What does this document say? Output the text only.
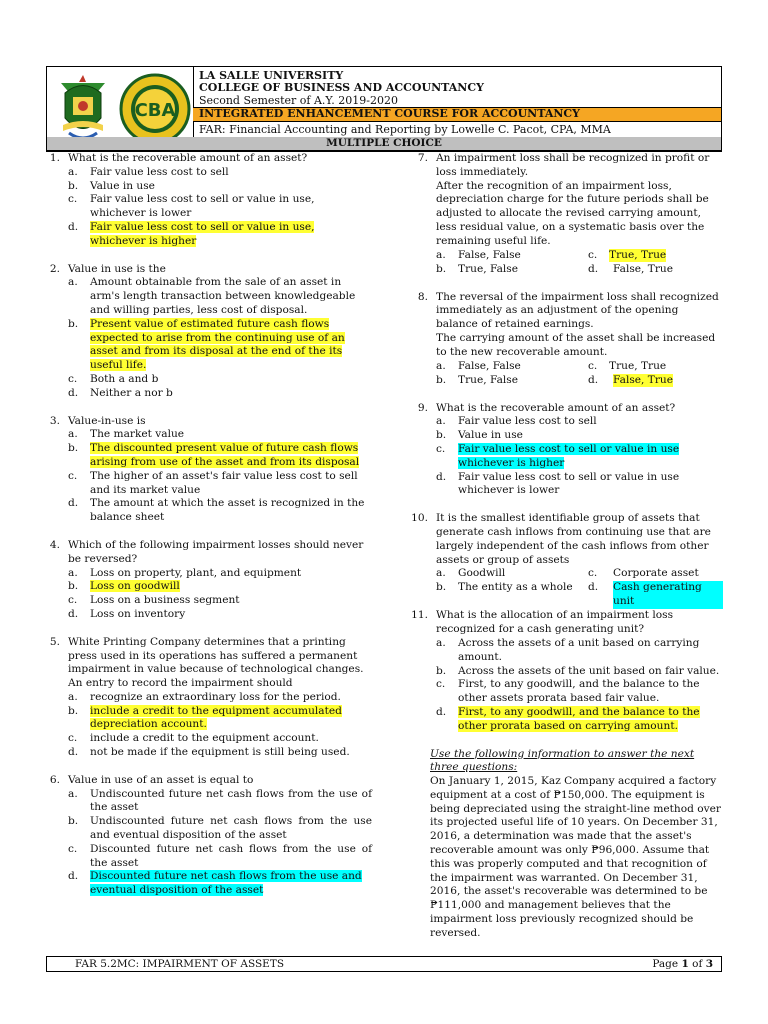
CBA
LA SALLE UNIVERSITY
COLLEGE OF BUSINESS AND ACCOUNTANCY
Second Semester of A.Y. 2019-2020
INTEGRATED ENHANCEMENT COURSE FOR ACCOUNTANCY
FAR: Financial Accounting and Reporting by Lowelle C. Pacot, CPA, MMA
MULTIPLE CHOICE
1. What is the recoverable amount of an asset?
a. Fair value less cost to sell
b. Value in use
c. Fair value less cost to sell or value in use, whichever is lower
d. Fair value less cost to sell or value in use, whichever is higher
2. Value in use is the
a. Amount obtainable from the sale of an asset in arm's length transaction between knowledgeable and willing parties, less cost of disposal.
b. Present value of estimated future cash flows expected to arise from the continuing use of an asset and from its disposal at the end of the its useful life.
c. Both a and b
d. Neither a nor b
3. Value-in-use is
a. The market value
b. The discounted present value of future cash flows arising from use of the asset and from its disposal
c. The higher of an asset's fair value less cost to sell and its market value
d. The amount at which the asset is recognized in the balance sheet
4. Which of the following impairment losses should never be reversed?
a. Loss on property, plant, and equipment
b. Loss on goodwill
c. Loss on a business segment
d. Loss on inventory
5. White Printing Company determines that a printing press used in its operations has suffered a permanent impairment in value because of technological changes. An entry to record the impairment should
a. recognize an extraordinary loss for the period.
b. include a credit to the equipment accumulated depreciation account.
c. include a credit to the equipment account.
d. not be made if the equipment is still being used.
6. Value in use of an asset is equal to
a. Undiscounted future net cash flows from the use of the asset
b. Undiscounted future net cash flows from the use and eventual disposition of the asset
c. Discounted future net cash flows from the use of the asset
d. Discounted future net cash flows from the use and eventual disposition of the asset
7. An impairment loss shall be recognized in profit or loss immediately.
After the recognition of an impairment loss, depreciation charge for the future periods shall be adjusted to allocate the revised carrying amount, less residual value, on a systematic basis over the remaining useful life.
a. False, False	c. True, True
b. True, False	d. False, True
8. The reversal of the impairment loss shall recognized immediately as an adjustment of the opening balance of retained earnings.
The carrying amount of the asset shall be increased to the new recoverable amount.
a. False, False	c. True, True
b. True, False	d. False, True
9. What is the recoverable amount of an asset?
a. Fair value less cost to sell
b. Value in use
c. Fair value less cost to sell or value in use whichever is higher
d. Fair value less cost to sell or value in use whichever is lower
10. It is the smallest identifiable group of assets that generate cash inflows from continuing use that are largely independent of the cash inflows from other assets or group of assets
a. Goodwill	c. Corporate asset
b. The entity as a whole d. Cash generating unit
11. What is the allocation of an impairment loss recognized for a cash generating unit?
a. Across the assets of a unit based on carrying amount.
b. Across the assets of the unit based on fair value.
c. First, to any goodwill, and the balance to the other assets prorata based fair value.
d. First, to any goodwill, and the balance to the other prorata based on carrying amount.
Use the following information to answer the next three questions:
On January 1, 2015, Kaz Company acquired a factory equipment at a cost of ₱150,000. The equipment is being depreciated using the straight-line method over its projected useful life of 10 years. On December 31, 2016, a determination was made that the asset's recoverable amount was only ₱96,000. Assume that this was properly computed and that recognition of the impairment was warranted. On December 31, 2016, the asset's recoverable was determined to be ₱111,000 and management believes that the impairment loss previously recognized should be reversed.
FAR 5.2MC: IMPAIRMENT OF ASSETS	Page 1 of 3
